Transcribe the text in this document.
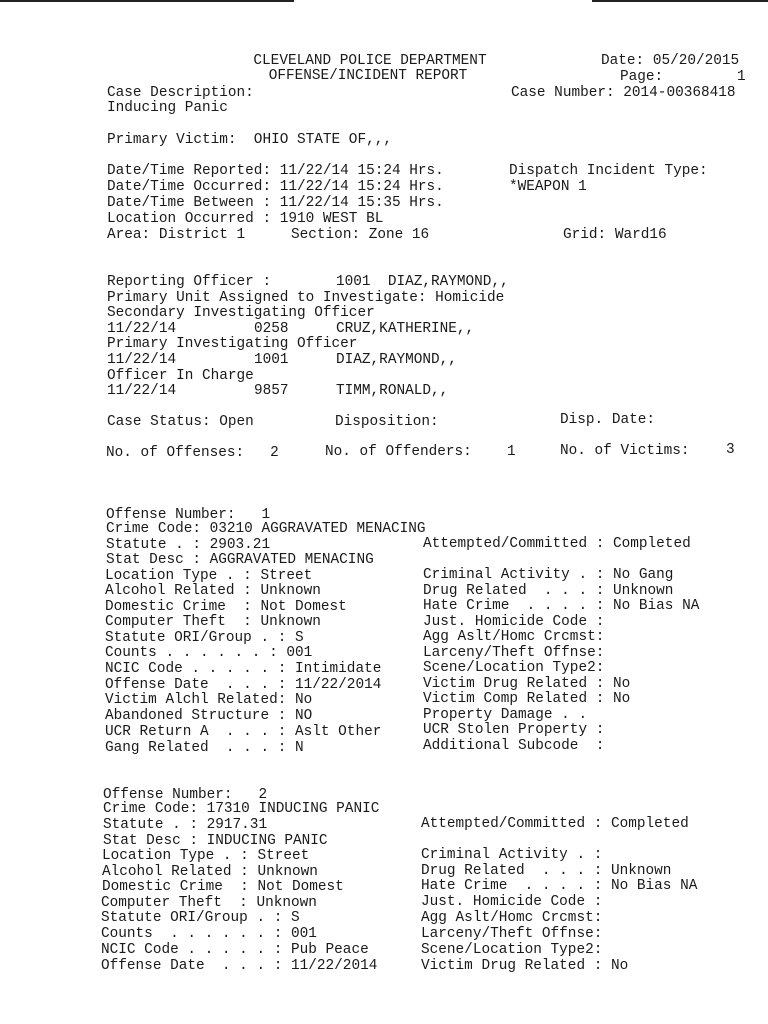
CLEVELAND POLICE DEPARTMENT
OFFENSE/INCIDENT REPORT
Date: 05/20/2015
Page:	1
Case Number: 2014-00368418
Case Description:
Inducing Panic
Primary Victim:  OHIO STATE OF,,,
Date/Time Reported: 11/22/14 15:24 Hrs.
Date/Time Occurred: 11/22/14 15:24 Hrs.
Date/Time Between : 11/22/14 15:35 Hrs.
Location Occurred : 1910 WEST BL
Area: District 1	Section: Zone 16
Dispatch Incident Type:
*WEAPON 1
Grid: Ward16
Reporting Officer :	1001  DIAZ,RAYMOND,,
Primary Unit Assigned to Investigate: Homicide
Secondary Investigating Officer
11/22/14	0258	CRUZ,KATHERINE,,
Primary Investigating Officer
11/22/14	1001	DIAZ,RAYMOND,,
Officer In Charge
11/22/14	9857	TIMM,RONALD,,
Case Status: Open	Disposition:	Disp. Date:
No. of Offenses:   2	No. of Offenders: 1	No. of Victims:	3
Offense Number:   1
Crime Code: 03210 AGGRAVATED MENACING
Statute . : 2903.21
Stat Desc : AGGRAVATED MENACING
Attempted/Committed : Completed
Location Type . : Street
Alcohol Related : Unknown
Domestic Crime  : Not Domest
Computer Theft  : Unknown
Statute ORI/Group . : S
Counts . . . . . . : 001
NCIC Code . . . . . : Intimidate
Offense Date  . . . : 11/22/2014
Victim Alchl Related: No
Abandoned Structure : NO
UCR Return A  . . . : Aslt Other
Gang Related  . . . : N
Criminal Activity . : No Gang
Drug Related  . . . : Unknown
Hate Crime  . . . . : No Bias NA
Just. Homicide Code :
Agg Aslt/Homc Crcmst:
Larceny/Theft Offnse:
Scene/Location Type2:
Victim Drug Related : No
Victim Comp Related : No
Property Damage . .
UCR Stolen Property :
Additional Subcode  :
Offense Number:   2
Crime Code: 17310 INDUCING PANIC
Statute . : 2917.31
Stat Desc : INDUCING PANIC
Attempted/Committed : Completed
Location Type . : Street
Alcohol Related : Unknown
Domestic Crime  : Not Domest
Computer Theft  : Unknown
Statute ORI/Group . : S
Counts  . . . . . . : 001
NCIC Code . . . . . : Pub Peace
Offense Date  . . . : 11/22/2014
Criminal Activity . :
Drug Related  . . . : Unknown
Hate Crime  . . . . : No Bias NA
Just. Homicide Code :
Agg Aslt/Homc Crcmst:
Larceny/Theft Offnse:
Scene/Location Type2:
Victim Drug Related : No
